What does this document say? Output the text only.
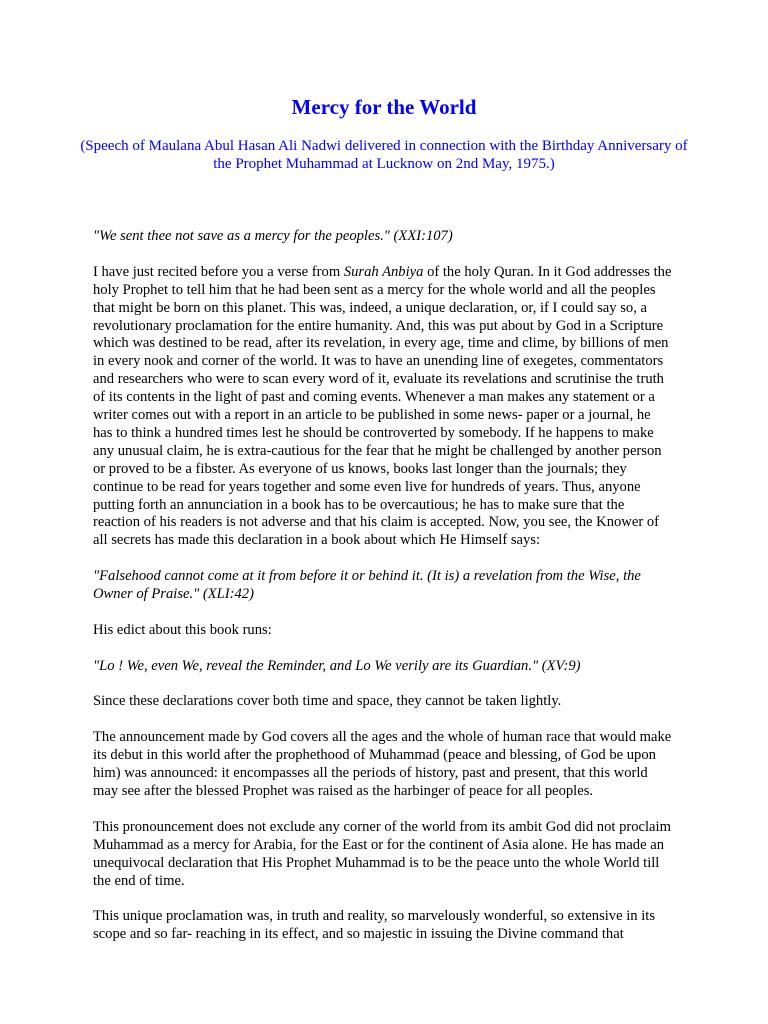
Mercy for the World

(Speech of Maulana Abul Hasan Ali Nadwi delivered in connection with the Birthday Anniversary of the Prophet Muhammad at Lucknow on 2nd May, 1975.)

"We sent thee not save as a mercy for the peoples." (XXI:107)

I have just recited before you a verse from Surah Anbiya of the holy Quran. In it God addresses the holy Prophet to tell him that he had been sent as a mercy for the whole world and all the peoples that might be born on this planet. This was, indeed, a unique declaration, or, if I could say so, a revolutionary proclamation for the entire humanity. And, this was put about by God in a Scripture which was destined to be read, after its revelation, in every age, time and clime, by billions of men in every nook and corner of the world. It was to have an unending line of exegetes, commentators and researchers who were to scan every word of it, evaluate its revelations and scrutinise the truth of its contents in the light of past and coming events. Whenever a man makes any statement or a writer comes out with a report in an article to be published in some news- paper or a journal, he has to think a hundred times lest he should be controverted by somebody. If he happens to make any unusual claim, he is extra-cautious for the fear that he might be challenged by another person or proved to be a fibster. As everyone of us knows, books last longer than the journals; they continue to be read for years together and some even live for hundreds of years. Thus, anyone putting forth an annunciation in a book has to be overcautious; he has to make sure that the reaction of his readers is not adverse and that his claim is accepted. Now, you see, the Knower of all secrets has made this declaration in a book about which He Himself says:

"Falsehood cannot come at it from before it or behind it. (It is) a revelation from the Wise, the Owner of Praise." (XLI:42)

His edict about this book runs:

"Lo ! We, even We, reveal the Reminder, and Lo We verily are its Guardian." (XV:9)

Since these declarations cover both time and space, they cannot be taken lightly.

The announcement made by God covers all the ages and the whole of human race that would make its debut in this world after the prophethood of Muhammad (peace and blessing, of God be upon him) was announced: it encompasses all the periods of history, past and present, that this world may see after the blessed Prophet was raised as the harbinger of peace for all peoples.

This pronouncement does not exclude any corner of the world from its ambit God did not proclaim Muhammad as a mercy for Arabia, for the East or for the continent of Asia alone. He has made an unequivocal declaration that His Prophet Muhammad is to be the peace unto the whole World till the end of time.

This unique proclamation was, in truth and reality, so marvelously wonderful, so extensive in its scope and so far- reaching in its effect, and so majestic in issuing the Divine command that
